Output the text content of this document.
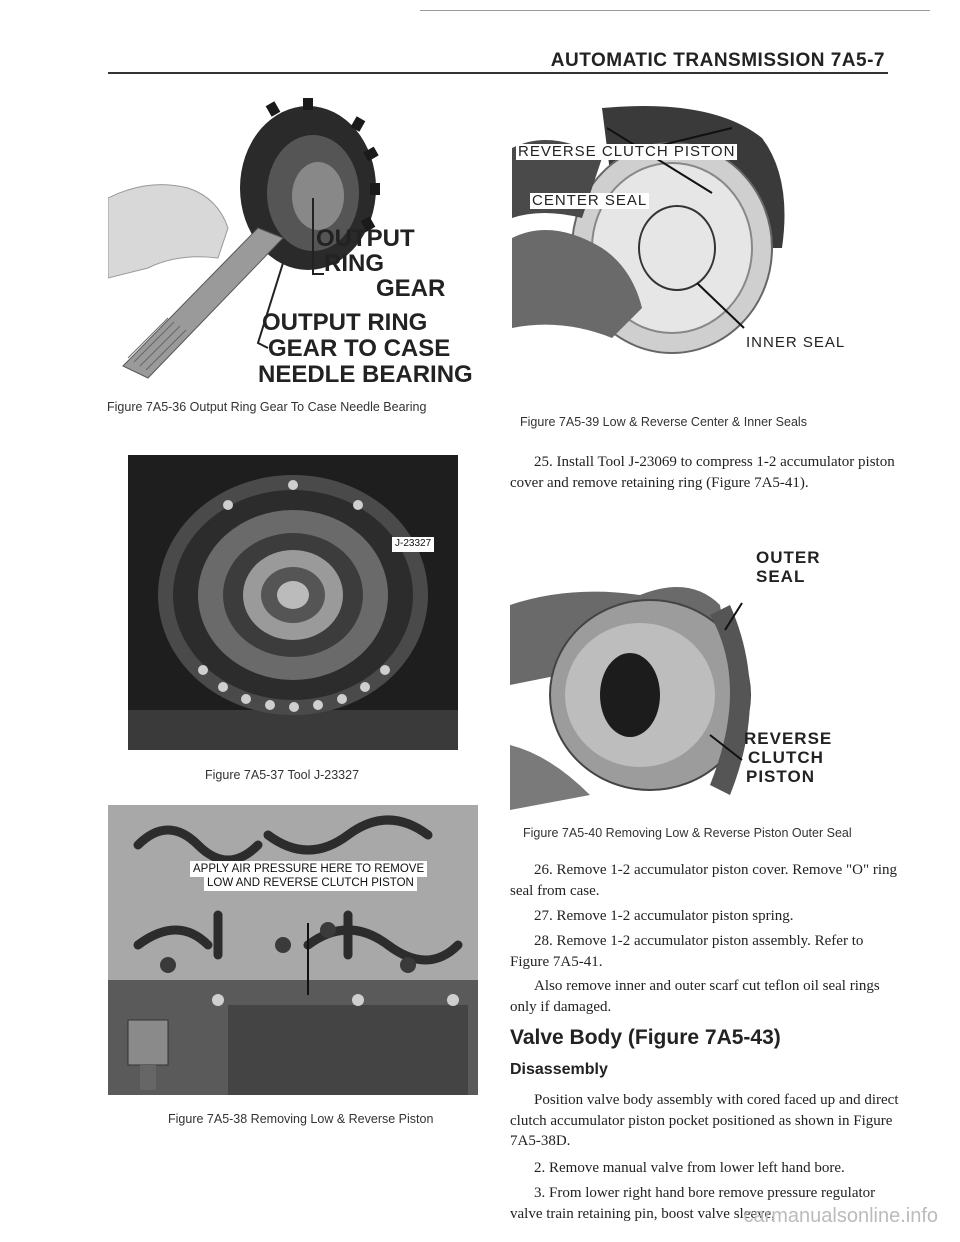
AUTOMATIC TRANSMISSION 7A5-7
OUTPUT
RING
GEAR
OUTPUT RING
GEAR TO CASE
NEEDLE BEARING
Figure 7A5-36 Output Ring Gear To Case Needle Bearing
J-23327
Figure 7A5-37 Tool J-23327
APPLY AIR PRESSURE HERE TO REMOVE
LOW AND REVERSE CLUTCH PISTON
Figure 7A5-38 Removing Low & Reverse Piston
REVERSE CLUTCH PISTON
CENTER SEAL
INNER SEAL
Figure 7A5-39 Low & Reverse Center & Inner Seals
25. Install Tool J-23069 to compress 1-2 accumulator piston cover and remove retaining ring (Figure 7A5-41).
OUTER
SEAL
REVERSE
CLUTCH
PISTON
Figure 7A5-40 Removing Low & Reverse Piston Outer Seal
26. Remove 1-2 accumulator piston cover. Remove "O" ring seal from case.
27. Remove 1-2 accumulator piston spring.
28. Remove 1-2 accumulator piston assembly. Refer to Figure 7A5-41.
Also remove inner and outer scarf cut teflon oil seal rings only if damaged.
Valve Body (Figure 7A5-43)
Disassembly
Position valve body assembly with cored faced up and direct clutch accumulator piston pocket positioned as shown in Figure 7A5-38D.
2. Remove manual valve from lower left hand bore.
3. From lower right hand bore remove pressure regulator valve train retaining pin, boost valve sleeve,
carmanualsonline.info
